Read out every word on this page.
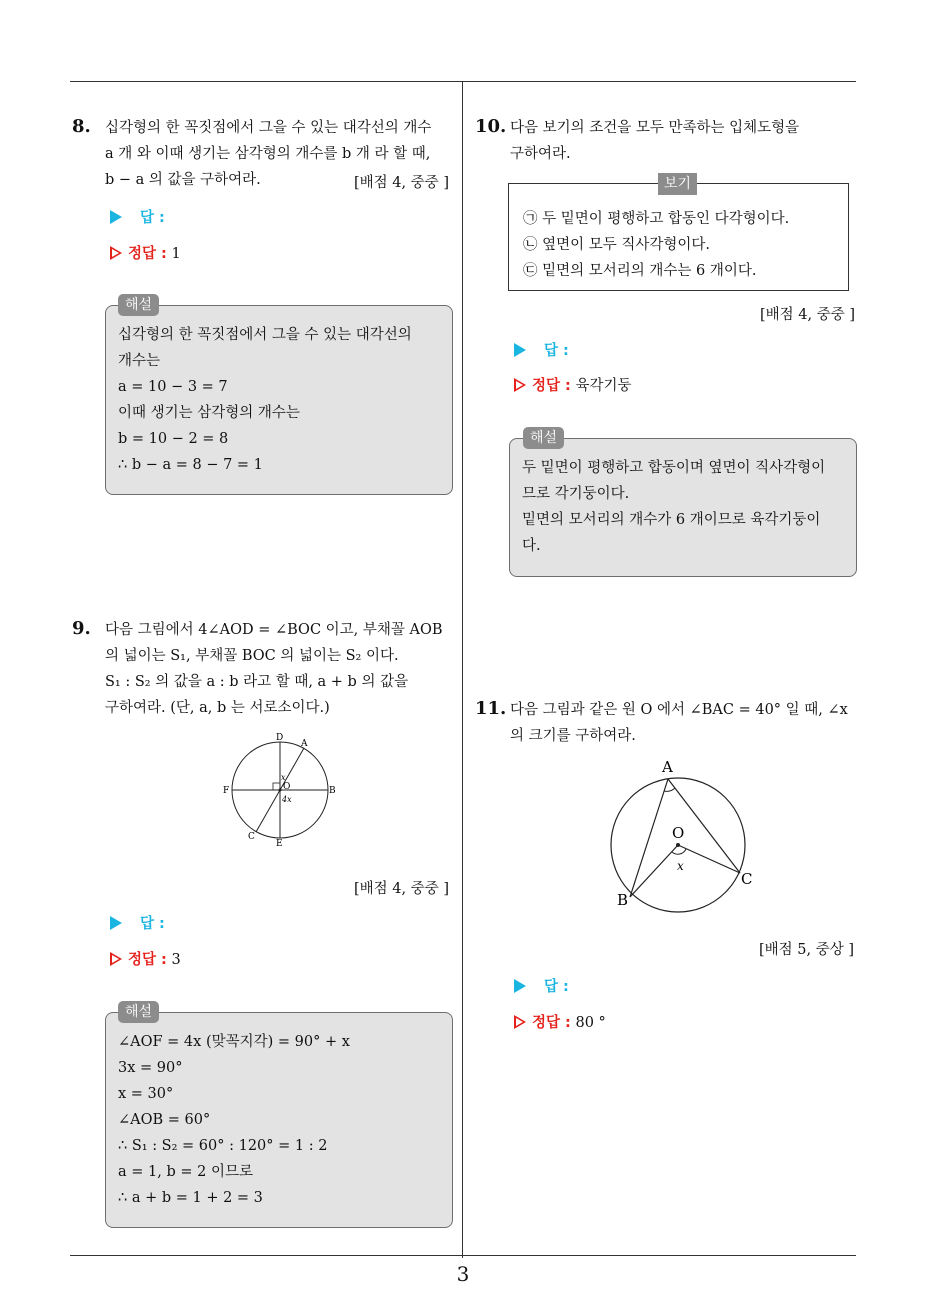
8. 십각형의 한 꼭짓점에서 그을 수 있는 대각선의 개수
a 개 와 이때 생기는 삼각형의 개수를 b 개 라 할 때,
b − a 의 값을 구하여라.	[배점 4, 중중 ]
답 :
정답 : 1
십각형의 한 꼭짓점에서 그을 수 있는 대각선의
개수는
a = 10 − 3 = 7
이때 생기는 삼각형의 개수는
b = 10 − 2 = 8
∴ b − a = 8 − 7 = 1
해설
9. 다음 그림에서 4∠AOD = ∠BOC 이고, 부채꼴 AOB
의 넓이는 S₁, 부채꼴 BOC 의 넓이는 S₂ 이다.
S₁ : S₂ 의 값을 a : b 라고 할 때, a + b 의 값을
구하여라. (단, a, b 는 서로소이다.)
D
A
F	O	B
C
E
x
4x
[배점 4, 중중 ]
답 :
정답 : 3
∠AOF = 4x (맞꼭지각) = 90° + x
3x = 90°
x = 30°
∠AOB = 60°
∴ S₁ : S₂ = 60° : 120° = 1 : 2
a = 1, b = 2 이므로
∴ a + b = 1 + 2 = 3
해설
10. 다음 보기의 조건을 모두 만족하는 입체도형을
구하여라.
㉠ 두 밑면이 평행하고 합동인 다각형이다.
㉡ 옆면이 모두 직사각형이다.
㉢ 밑면의 모서리의 개수는 6 개이다.
보기
[배점 4, 중중 ]
답 :
정답 : 육각기둥
두 밑면이 평행하고 합동이며 옆면이 직사각형이
므로 각기둥이다.
밑면의 모서리의 개수가 6 개이므로 육각기둥이
다.
해설
11. 다음 그림과 같은 원 O 에서 ∠BAC = 40° 일 때, ∠x
의 크기를 구하여라.
A
O
x
B
C
[배점 5, 중상 ]
답 :
정답 : 80 °
3
